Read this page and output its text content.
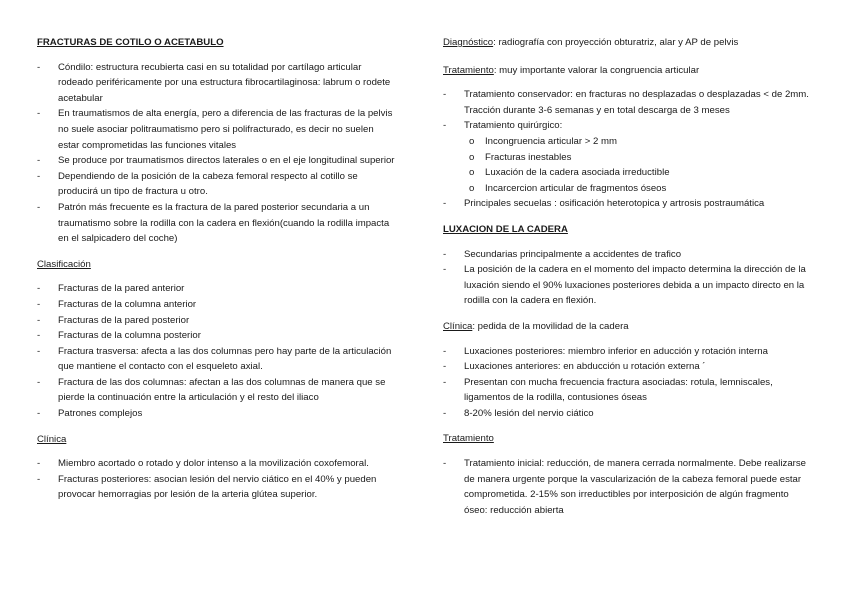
FRACTURAS DE COTILO O ACETABULO

- Cóndilo: estructura recubierta casi en su totalidad por cartílago articular rodeado periféricamente por una estructura fibrocartilaginosa: labrum o rodete acetabular
- En traumatismos de alta energía, pero a diferencia de las fracturas de la pelvis no suele asociar politraumatismo pero si polifracturado, es decir no suelen estar comprometidas las funciones vitales
- Se produce por traumatismos directos laterales o en el eje longitudinal superior
- Dependiendo de la posición de la cabeza femoral respecto al cotillo se producirá un tipo de fractura u otro.
- Patrón más frecuente es la fractura de la pared posterior secundaria a un traumatismo sobre la rodilla con la cadera en flexión(cuando la rodilla impacta en el salpicadero del coche)

Clasificación

- Fracturas de la pared anterior
- Fracturas de la columna anterior
- Fracturas de la pared posterior
- Fracturas de la columna posterior
- Fractura trasversa: afecta a las dos columnas pero hay parte de la articulación que mantiene el contacto con el esqueleto axial.
- Fractura de las dos columnas: afectan a las dos columnas de manera que se pierde la continuación entre la articulación y el resto del iliaco
- Patrones complejos

Clínica

- Miembro acortado o rotado y dolor intenso a la movilización coxofemoral.
- Fracturas posteriores: asocian lesión del nervio ciático en el 40% y pueden provocar hemorragias por lesión de la arteria glútea superior.

Diagnóstico: radiografía con proyección obturatriz, alar y AP de pelvis

Tratamiento: muy importante valorar la congruencia articular

- Tratamiento conservador: en fracturas no desplazadas o desplazadas < de 2mm. Tracción durante 3-6 semanas y en total descarga de 3 meses
- Tratamiento quirúrgico:
o Incongruencia articular > 2 mm
o Fracturas inestables
o Luxación de la cadera asociada irreductible
o Incarcercion articular de fragmentos óseos
- Principales secuelas : osificación heterotopica y artrosis postraumática

LUXACION DE LA CADERA

- Secundarias principalmente a accidentes de trafico
- La posición de la cadera en el momento del impacto determina la dirección de la luxación siendo el 90% luxaciones posteriores debida a un impacto directo en la rodilla con la cadera en flexión.

Clínica: pedida de la movilidad de la cadera

- Luxaciones posteriores: miembro inferior en aducción y rotación interna
- Luxaciones anteriores: en abducción u rotación externa ´
- Presentan con mucha frecuencia fractura asociadas: rotula, lemniscales, ligamentos de la rodilla, contusiones óseas
- 8-20% lesión del nervio ciático

Tratamiento

- Tratamiento inicial: reducción, de manera cerrada normalmente. Debe realizarse de manera urgente porque la vascularización de la cabeza femoral puede estar comprometida. 2-15% son irreductibles por interposición de algún fragmento óseo: reducción abierta
